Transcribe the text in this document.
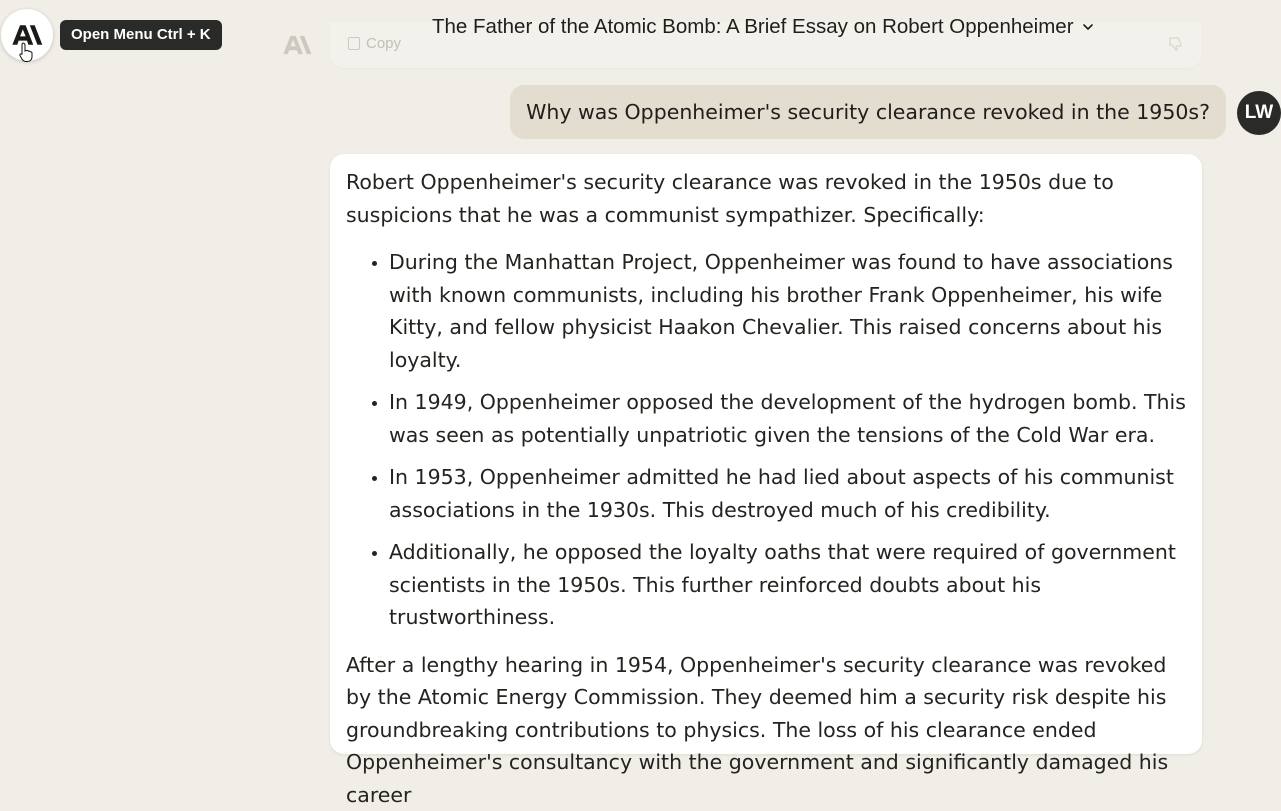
Copy
Open Menu Ctrl + K	The Father of the Atomic Bomb: A Brief Essay on Robert Oppenheimer
Why was Oppenheimer's security clearance revoked in the 1950s?	LW

Robert Oppenheimer's security clearance was revoked in the 1950s due to suspicions that he was a communist sympathizer. Specifically:

• During the Manhattan Project, Oppenheimer was found to have associations with known communists, including his brother Frank Oppenheimer, his wife Kitty, and fellow physicist Haakon Chevalier. This raised concerns about his loyalty.
• In 1949, Oppenheimer opposed the development of the hydrogen bomb. This was seen as potentially unpatriotic given the tensions of the Cold War era.
• In 1953, Oppenheimer admitted he had lied about aspects of his communist associations in the 1930s. This destroyed much of his credibility.
• Additionally, he opposed the loyalty oaths that were required of government scientists in the 1950s. This further reinforced doubts about his trustworthiness.

After a lengthy hearing in 1954, Oppenheimer's security clearance was revoked by the Atomic Energy Commission. They deemed him a security risk despite his groundbreaking contributions to physics. The loss of his clearance ended Oppenheimer's consultancy with the government and significantly damaged his career
